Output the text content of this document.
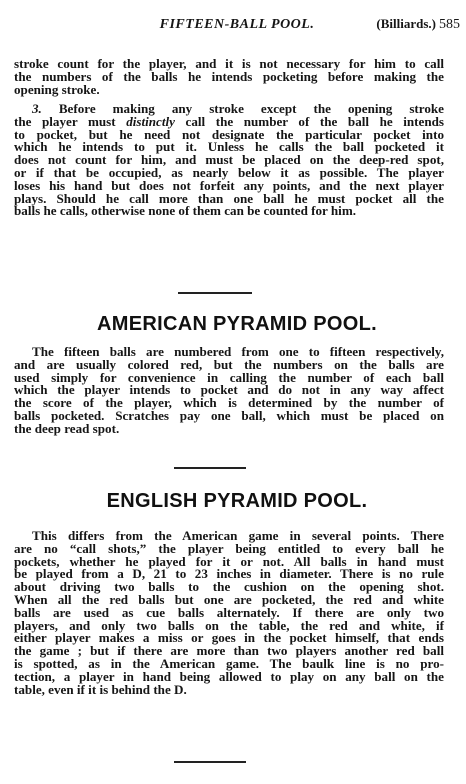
FIFTEEN-BALL POOL.	(Billiards.) 585
stroke count for the player, and it is not necessary for him to call
the numbers of the balls he intends pocketing before making the
opening stroke.
3. Before making any stroke except the opening stroke
the player must distinctly call the number of the ball he intends
to pocket, but he need not designate the particular pocket into
which he intends to put it. Unless he calls the ball pocketed it
does not count for him, and must be placed on the deep-red spot,
or if that be occupied, as nearly below it as possible. The player
loses his hand but does not forfeit any points, and the next player
plays. Should he call more than one ball he must pocket all the
balls he calls, otherwise none of them can be counted for him.
AMERICAN PYRAMID POOL.
The fifteen balls are numbered from one to fifteen respectively,
and are usually colored red, but the numbers on the balls are
used simply for convenience in calling the number of each ball
which the player intends to pocket and do not in any way affect
the score of the player, which is determined by the number of
balls pocketed. Scratches pay one ball, which must be placed on
the deep read spot.
ENGLISH PYRAMID POOL.
This differs from the American game in several points. There
are no “call shots,” the player being entitled to every ball he
pockets, whether he played for it or not. All balls in hand must
be played from a D, 21 to 23 inches in diameter. There is no rule
about driving two balls to the cushion on the opening shot.
When all the red balls but one are pocketed, the red and white
balls are used as cue balls alternately. If there are only two
players, and only two balls on the table, the red and white, if
either player makes a miss or goes in the pocket himself, that ends
the game ; but if there are more than two players another red ball
is spotted, as in the American game. The baulk line is no pro-
tection, a player in hand being allowed to play on any ball on the
table, even if it is behind the D.
